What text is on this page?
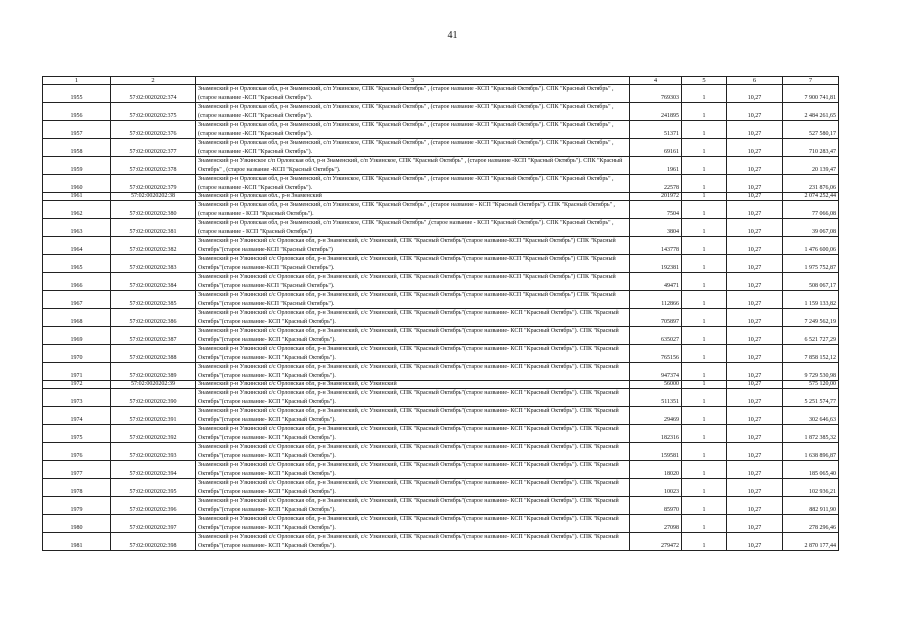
41
1	2	3	4	5	6	7
1955	57:02:0020202:374	Знаменский р-н Орловская обл, р-н Знаменский, с/п Узкинское, СПК "Красный Октябрь" , (старое название -КСП "Красный Октябрь"). СПК "Красный Октябрь" , (старое название -КСП "Красный Октябрь").	769303	1	10,27	7 900 741,81
1956	57:02:0020202:375	Знаменский р-н Орловская обл, р-н Знаменский, с/п Узкинское, СПК "Красный Октябрь" , (старое название -КСП "Красный Октябрь"). СПК "Красный Октябрь" , (старое название -КСП "Красный Октябрь").	241895	1	10,27	2 484 261,65
1957	57:02:0020202:376	Знаменский р-н Орловская обл, р-н Знаменский, с/п Узкинское, СПК "Красный Октябрь" , (старое название -КСП "Красный Октябрь"). СПК "Красный Октябрь" , (старое название -КСП "Красный Октябрь").	51371	1	10,27	527 580,17
1958	57:02:0020202:377	Знаменский р-н Орловская обл, р-н Знаменский, с/п Узкинское, СПК "Красный Октябрь" , (старое название -КСП "Красный Октябрь"). СПК "Красный Октябрь" , (старое название -КСП "Красный Октябрь").	69161	1	10,27	710 283,47
1959	57:02:0020202:378	Знаменский р-н Узкинское с/п Орловская обл, р-н Знаменский, с/п Узкинское, СПК "Красный Октябрь" , (старое название -КСП "Красный Октябрь"). СПК "Красный Октябрь" , (старое название -КСП "Красный Октябрь").	1961	1	10,27	20 139,47
1960	57:02:0020202:379	Знаменский р-н Орловская обл, р-н Знаменский, с/п Узкинское, СПК "Красный Октябрь" , (старое название -КСП "Красный Октябрь"). СПК "Красный Октябрь" , (старое название -КСП "Красный Октябрь").	22578	1	10,27	231 876,06
1961	57:02:0020202:38	Знаменский р-н Орловская обл., р-н Знаменский	201972	1	10,27	2 074 252,44
1962	57:02:0020202:380	Знаменский р-н Орловская обл, р-н Знаменский, с/п Узкинское, СПК "Красный Октябрь" , (старое название - КСП "Красный Октябрь"). СПК "Красный Октябрь" , (старое название - КСП "Красный Октябрь").	7504	1	10,27	77 066,08
1963	57:02:0020202:381	Знаменский р-н Орловская обл, р-н Знаменский, с/п Узкинское, СПК "Красный Октябрь" ,(старое название - КСП "Красный Октябрь"). СПК "Красный Октябрь" ,(старое название - КСП "Красный Октябрь")	3804	1	10,27	39 067,08
1964	57:02:0020202:382	Знаменский р-н Узкинский с/с Орловская обл, р-н Знаменский, с/с Узкинский, СПК "Красный Октябрь"(старое название-КСП "Красный Октябрь") СПК "Красный Октябрь"(старое название-КСП "Красный Октябрь")	143778	1	10,27	1 476 600,06
1965	57:02:0020202:383	Знаменский р-н Узкинский с/с Орловская обл, р-н Знаменский, с/с Узкинский, СПК "Красный Октябрь"(старое название-КСП "Красный Октябрь") СПК "Красный Октябрь"(старое название-КСП "Красный Октябрь").	192381	1	10,27	1 975 752,87
1966	57:02:0020202:384	Знаменский р-н Узкинский с/с Орловская обл, р-н Знаменский, с/с Узкинский, СПК "Красный Октябрь"(старое название-КСП "Красный Октябрь") СПК "Красный Октябрь"(старое название-КСП "Красный Октябрь").	49471	1	10,27	508 067,17
1967	57:02:0020202:385	Знаменский р-н Узкинский с/с Орловская обл, р-н Знаменский, с/с Узкинский, СПК "Красный Октябрь"(старое название-КСП "Красный Октябрь") СПК "Красный Октябрь"(старое название-КСП "Красный Октябрь").	112866	1	10,27	1 159 133,82
1968	57:02:0020202:386	Знаменский р-н Узкинский с/с Орловская обл, р-н Знаменский, с/с Узкинский, СПК "Красный Октябрь"(старое название- КСП "Красный Октябрь"). СПК "Красный Октябрь"(старое название- КСП "Красный Октябрь").	705897	1	10,27	7 249 562,19
1969	57:02:0020202:387	Знаменский р-н Узкинский с/с Орловская обл, р-н Знаменский, с/с Узкинский, СПК "Красный Октябрь"(старое название- КСП "Красный Октябрь"). СПК "Красный Октябрь"(старое название- КСП "Красный Октябрь").	635027	1	10,27	6 521 727,29
1970	57:02:0020202:388	Знаменский р-н Узкинский с/с Орловская обл, р-н Знаменский, с/с Узкинский, СПК "Красный Октябрь"(старое название- КСП "Красный Октябрь"). СПК "Красный Октябрь"(старое название- КСП "Красный Октябрь").	765156	1	10,27	7 858 152,12
1971	57:02:0020202:389	Знаменский р-н Узкинский с/с Орловская обл, р-н Знаменский, с/с Узкинский, СПК "Красный Октябрь"(старое название- КСП "Красный Октябрь"). СПК "Красный Октябрь"(старое название- КСП "Красный Октябрь").	947374	1	10,27	9 729 530,98
1972	57:02:0020202:39	Знаменский р-н Узкинский с/с Орловская обл, р-н Знаменский, с/с Узкинский	56000	1	10,27	575 120,00
1973	57:02:0020202:390	Знаменский р-н Узкинский с/с Орловская обл, р-н Знаменский, с/с Узкинский, СПК "Красный Октябрь"(старое название- КСП "Красный Октябрь"). СПК "Красный Октябрь"(старое название- КСП "Красный Октябрь").	511351	1	10,27	5 251 574,77
1974	57:02:0020202:391	Знаменский р-н Узкинский с/с Орловская обл, р-н Знаменский, с/с Узкинский, СПК "Красный Октябрь"(старое название- КСП "Красный Октябрь"). СПК "Красный Октябрь"(старое название- КСП "Красный Октябрь").	29469	1	10,27	302 646,63
1975	57:02:0020202:392	Знаменский р-н Узкинский с/с Орловская обл, р-н Знаменский, с/с Узкинский, СПК "Красный Октябрь"(старое название- КСП "Красный Октябрь"). СПК "Красный Октябрь"(старое название- КСП "Красный Октябрь").	182316	1	10,27	1 872 385,32
1976	57:02:0020202:393	Знаменский р-н Узкинский с/с Орловская обл, р-н Знаменский, с/с Узкинский, СПК "Красный Октябрь"(старое название- КСП "Красный Октябрь"). СПК "Красный Октябрь"(старое название- КСП "Красный Октябрь").	159581	1	10,27	1 638 896,87
1977	57:02:0020202:394	Знаменский р-н Узкинский с/с Орловская обл, р-н Знаменский, с/с Узкинский, СПК "Красный Октябрь"(старое название- КСП "Красный Октябрь"). СПК "Красный Октябрь"(старое название- КСП "Красный Октябрь").	18020	1	10,27	185 065,40
1978	57:02:0020202:395	Знаменский р-н Узкинский с/с Орловская обл, р-н Знаменский, с/с Узкинский, СПК "Красный Октябрь"(старое название- КСП "Красный Октябрь"). СПК "Красный Октябрь"(старое название- КСП "Красный Октябрь").	10023	1	10,27	102 936,21
1979	57:02:0020202:396	Знаменский р-н Узкинский с/с Орловская обл, р-н Знаменский, с/с Узкинский, СПК "Красный Октябрь"(старое название- КСП "Красный Октябрь"). СПК "Красный Октябрь"(старое название- КСП "Красный Октябрь").	85970	1	10,27	882 911,90
1980	57:02:0020202:397	Знаменский р-н Узкинский с/с Орловская обл, р-н Знаменский, с/с Узкинский, СПК "Красный Октябрь"(старое название- КСП "Красный Октябрь"). СПК "Красный Октябрь"(старое название- КСП "Красный Октябрь").	27098	1	10,27	278 296,46
1981	57:02:0020202:398	Знаменский р-н Узкинский с/с Орловская обл, р-н Знаменский, с/с Узкинский, СПК "Красный Октябрь"(старое название- КСП "Красный Октябрь"). СПК "Красный Октябрь"(старое название- КСП "Красный Октябрь").	279472	1	10,27	2 870 177,44
